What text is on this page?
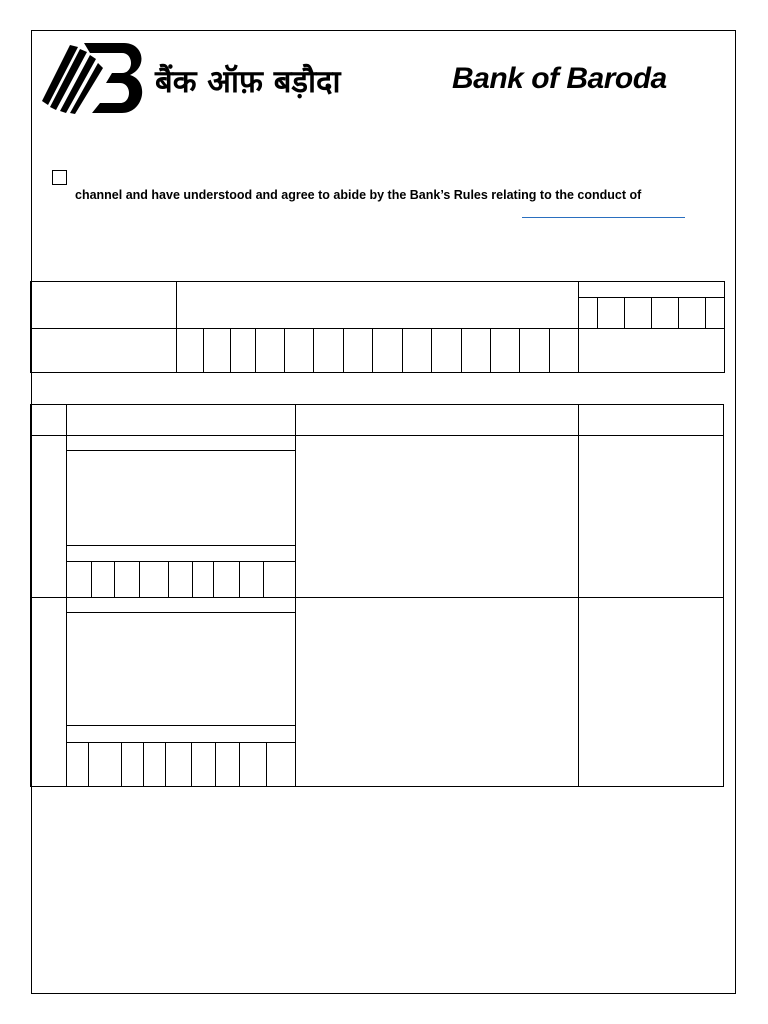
बैंक ऑफ़ बड़ौदा	Bank of Baroda
channel and have understood and agree to abide by the Bank’s Rules relating to the conduct of
